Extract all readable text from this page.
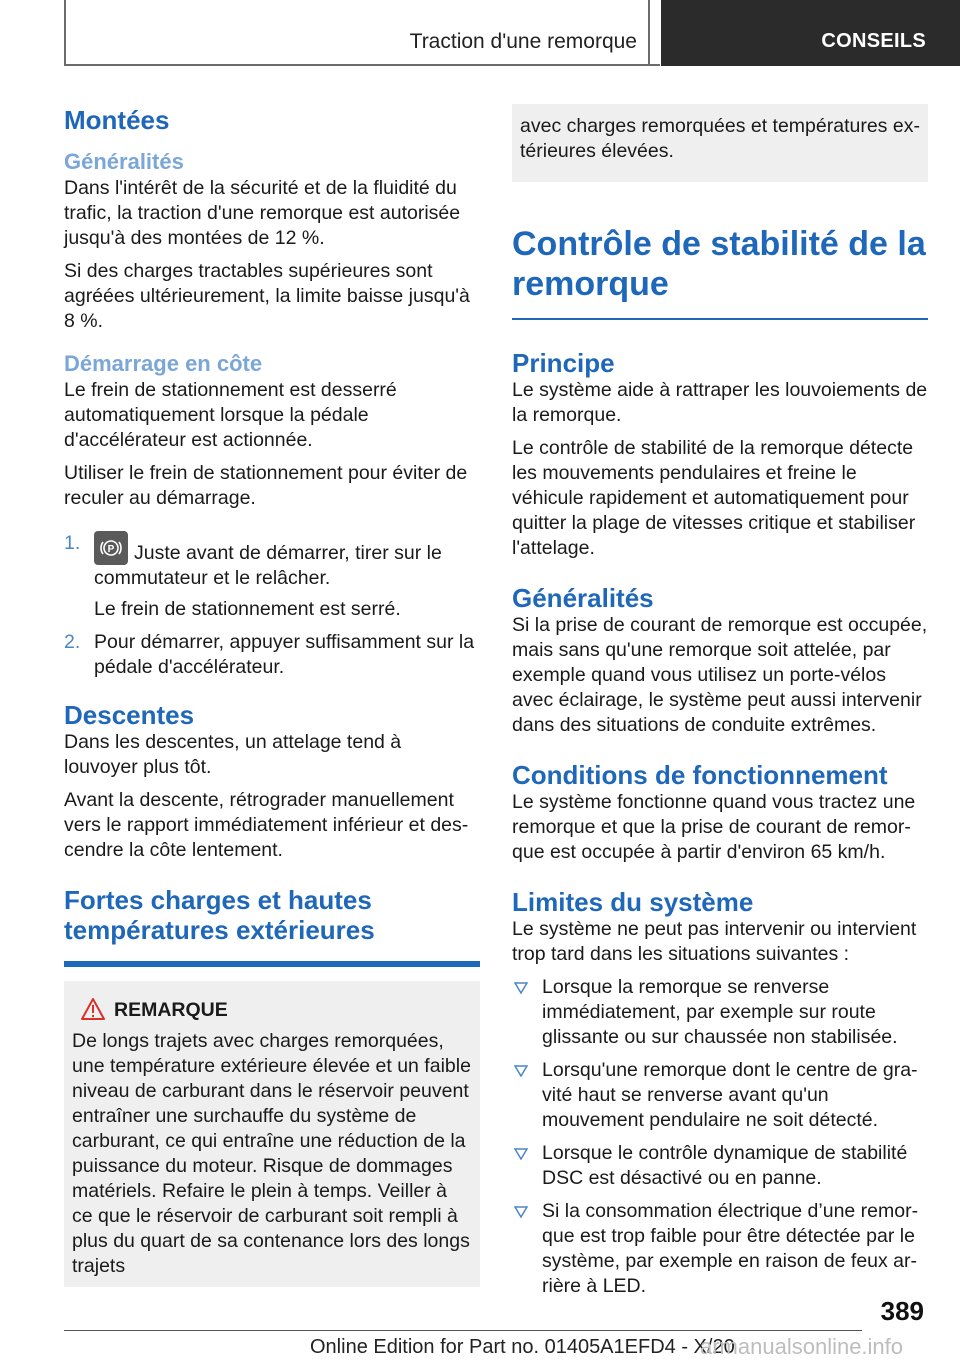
Traction d'une remorque	CONSEILS
Montées
Généralités

Dans l'intérêt de la sécurité et de la fluidité du trafic, la traction d'une remorque est autorisée jusqu'à des montées de 12 %.

Si des charges tractables supérieures sont agréées ultérieurement, la limite baisse jusqu'à 8 %.

Démarrage en côte

Le frein de stationnement est desserré automatiquement lorsque la pédale d'accélérateur est actionnée.

Utiliser le frein de stationnement pour éviter de reculer au démarrage.

1.	P Juste avant de démarrer, tirer sur le commutateur et le relâcher.

Le frein de stationnement est serré.

2. Pour démarrer, appuyer suffisamment sur la pédale d'accélérateur.
Descentes

Dans les descentes, un attelage tend à louvoyer plus tôt.

Avant la descente, rétrograder manuellement vers le rapport immédiatement inférieur et descendre la côte lentement.

Fortes charges et hautes températures extérieures
REMARQUE

De longs trajets avec charges remorquées, une température extérieure élevée et un faible niveau de carburant dans le réservoir peuvent entraîner une surchauffe du système de carburant, ce qui entraîne une réduction de la puissance du moteur. Risque de dommages matériels. Refaire le plein à temps. Veiller à ce que le réservoir de carburant soit rempli à plus du quart de sa contenance lors des longs trajets

avec charges remorquées et températures extérieures élevées.

Contrôle de stabilité de la remorque
Principe

Le système aide à rattraper les louvoiements de la remorque.

Le contrôle de stabilité de la remorque détecte les mouvements pendulaires et freine le véhicule rapidement et automatiquement pour quitter la plage de vitesses critique et stabiliser l'attelage.

Généralités

Si la prise de courant de remorque est occupée, mais sans qu'une remorque soit attelée, par exemple quand vous utilisez un porte-vélos avec éclairage, le système peut aussi intervenir dans des situations de conduite extrêmes.

Conditions de fonctionnement

Le système fonctionne quand vous tractez une remorque et que la prise de courant de remorque est occupée à partir d'environ 65 km/h.

Limites du système

Le système ne peut pas intervenir ou intervient trop tard dans les situations suivantes :

Lorsque la remorque se renverse immédiatement, par exemple sur route glissante ou sur chaussée non stabilisée.
Lorsqu'une remorque dont le centre de gravité haut se renverse avant qu'un mouvement pendulaire ne soit détecté.
Lorsque le contrôle dynamique de stabilité DSC est désactivé ou en panne.
Si la consommation électrique d’une remorque est trop faible pour être détectée par le système, par exemple en raison de feux arrière à LED.
389
Online Edition for Part no. 01405A1EFD4 - X/20
armanualsonline.info
